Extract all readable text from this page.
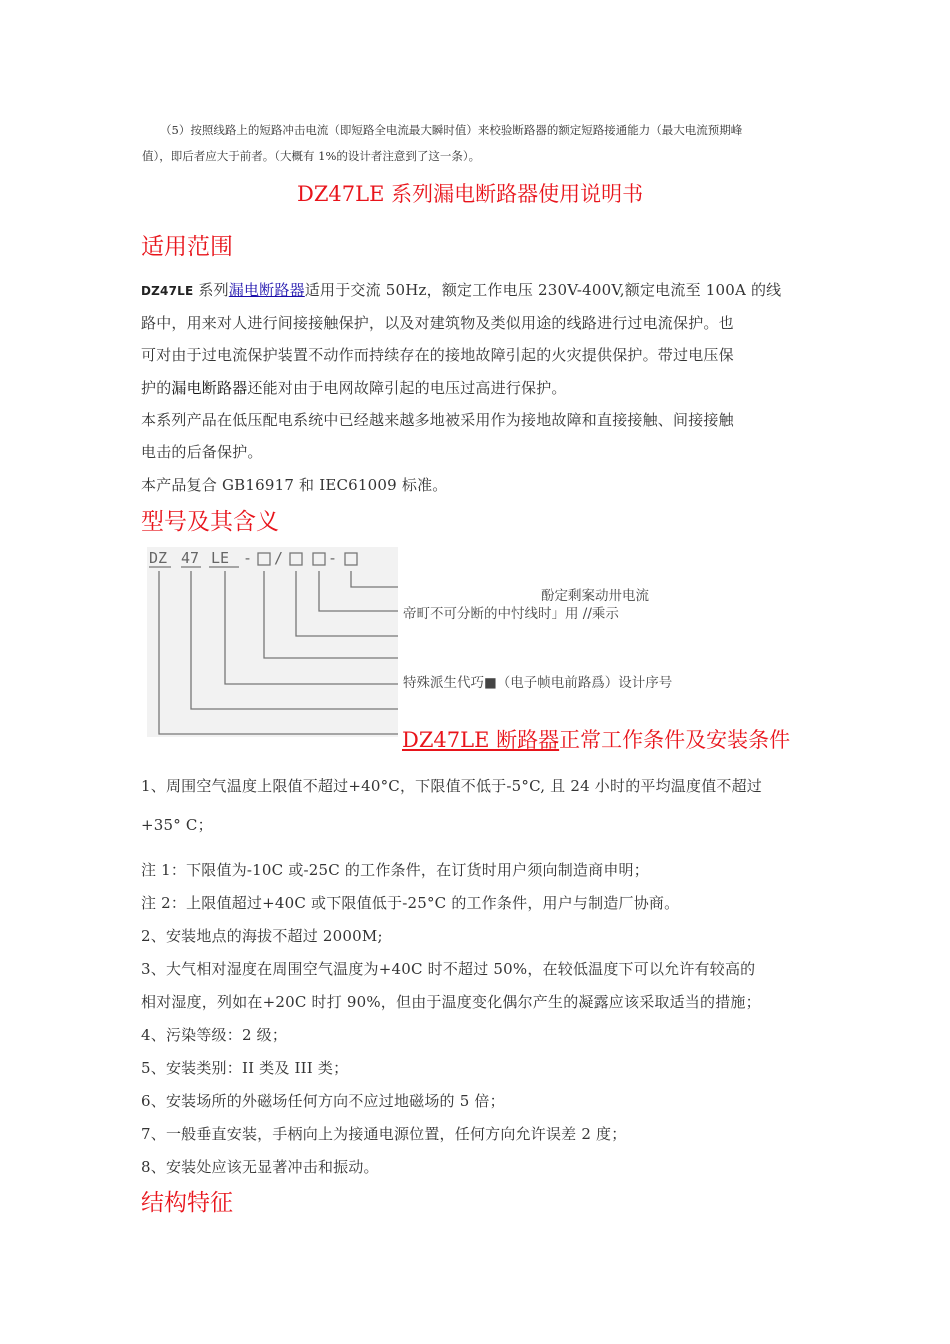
（5）按照线路上的短路冲击电流（即短路全电流最大瞬时值）来校验断路器的额定短路接通能力（最大电流预期峰
值），即后者应大于前者。（大概有 1%的设计者注意到了这一条）。
DZ47LE 系列漏电断路器使用说明书
适用范围
DZ47LE 系列漏电断路器适用于交流 50Hz，额定工作电压 230V-400V,额定电流至 100A 的线
路中，用来对人进行间接接触保护，以及对建筑物及类似用途的线路进行过电流保护。也
可对由于过电流保护装置不动作而持续存在的接地故障引起的火灾提供保护。带过电压保
护的漏电断路器还能对由于电网故障引起的电压过高进行保护。
本系列产品在低压配电系统中已经越来越多地被采用作为接地故障和直接接触、间接接触
电击的后备保护。
本产品复合 GB16917 和 IEC61009 标准。
型号及其含义
DZ 47 LE - /	-
酚定剩案动卅电流
帝町不可分断的中忖线时」用 //乘示
特殊派生代巧■（电子帧电前路爲）设计序号
DZ47LE 断路器正常工作条件及安装条件
1、周围空气温度上限值不超过+40°C，下限值不低于-5°C, 且 24 小时的平均温度值不超过
+35° C；
注 1：下限值为-10C 或-25C 的工作条件，在订货时用户须向制造商申明；
注 2：上限值超过+40C 或下限值低于-25°C 的工作条件，用户与制造厂协商。
2、安装地点的海拔不超过 2000M;
3、大气相对湿度在周围空气温度为+40C 时不超过 50%，在较低温度下可以允许有较高的
相对湿度，列如在+20C 时打 90%，但由于温度变化偶尔产生的凝露应该采取适当的措施；
4、污染等级：2 级；
5、安装类别：II 类及 III 类；
6、安装场所的外磁场任何方向不应过地磁场的 5 倍；
7、一般垂直安装，手柄向上为接通电源位置，任何方向允许误差 2 度；
8、安装处应该无显著冲击和振动。
结构特征
